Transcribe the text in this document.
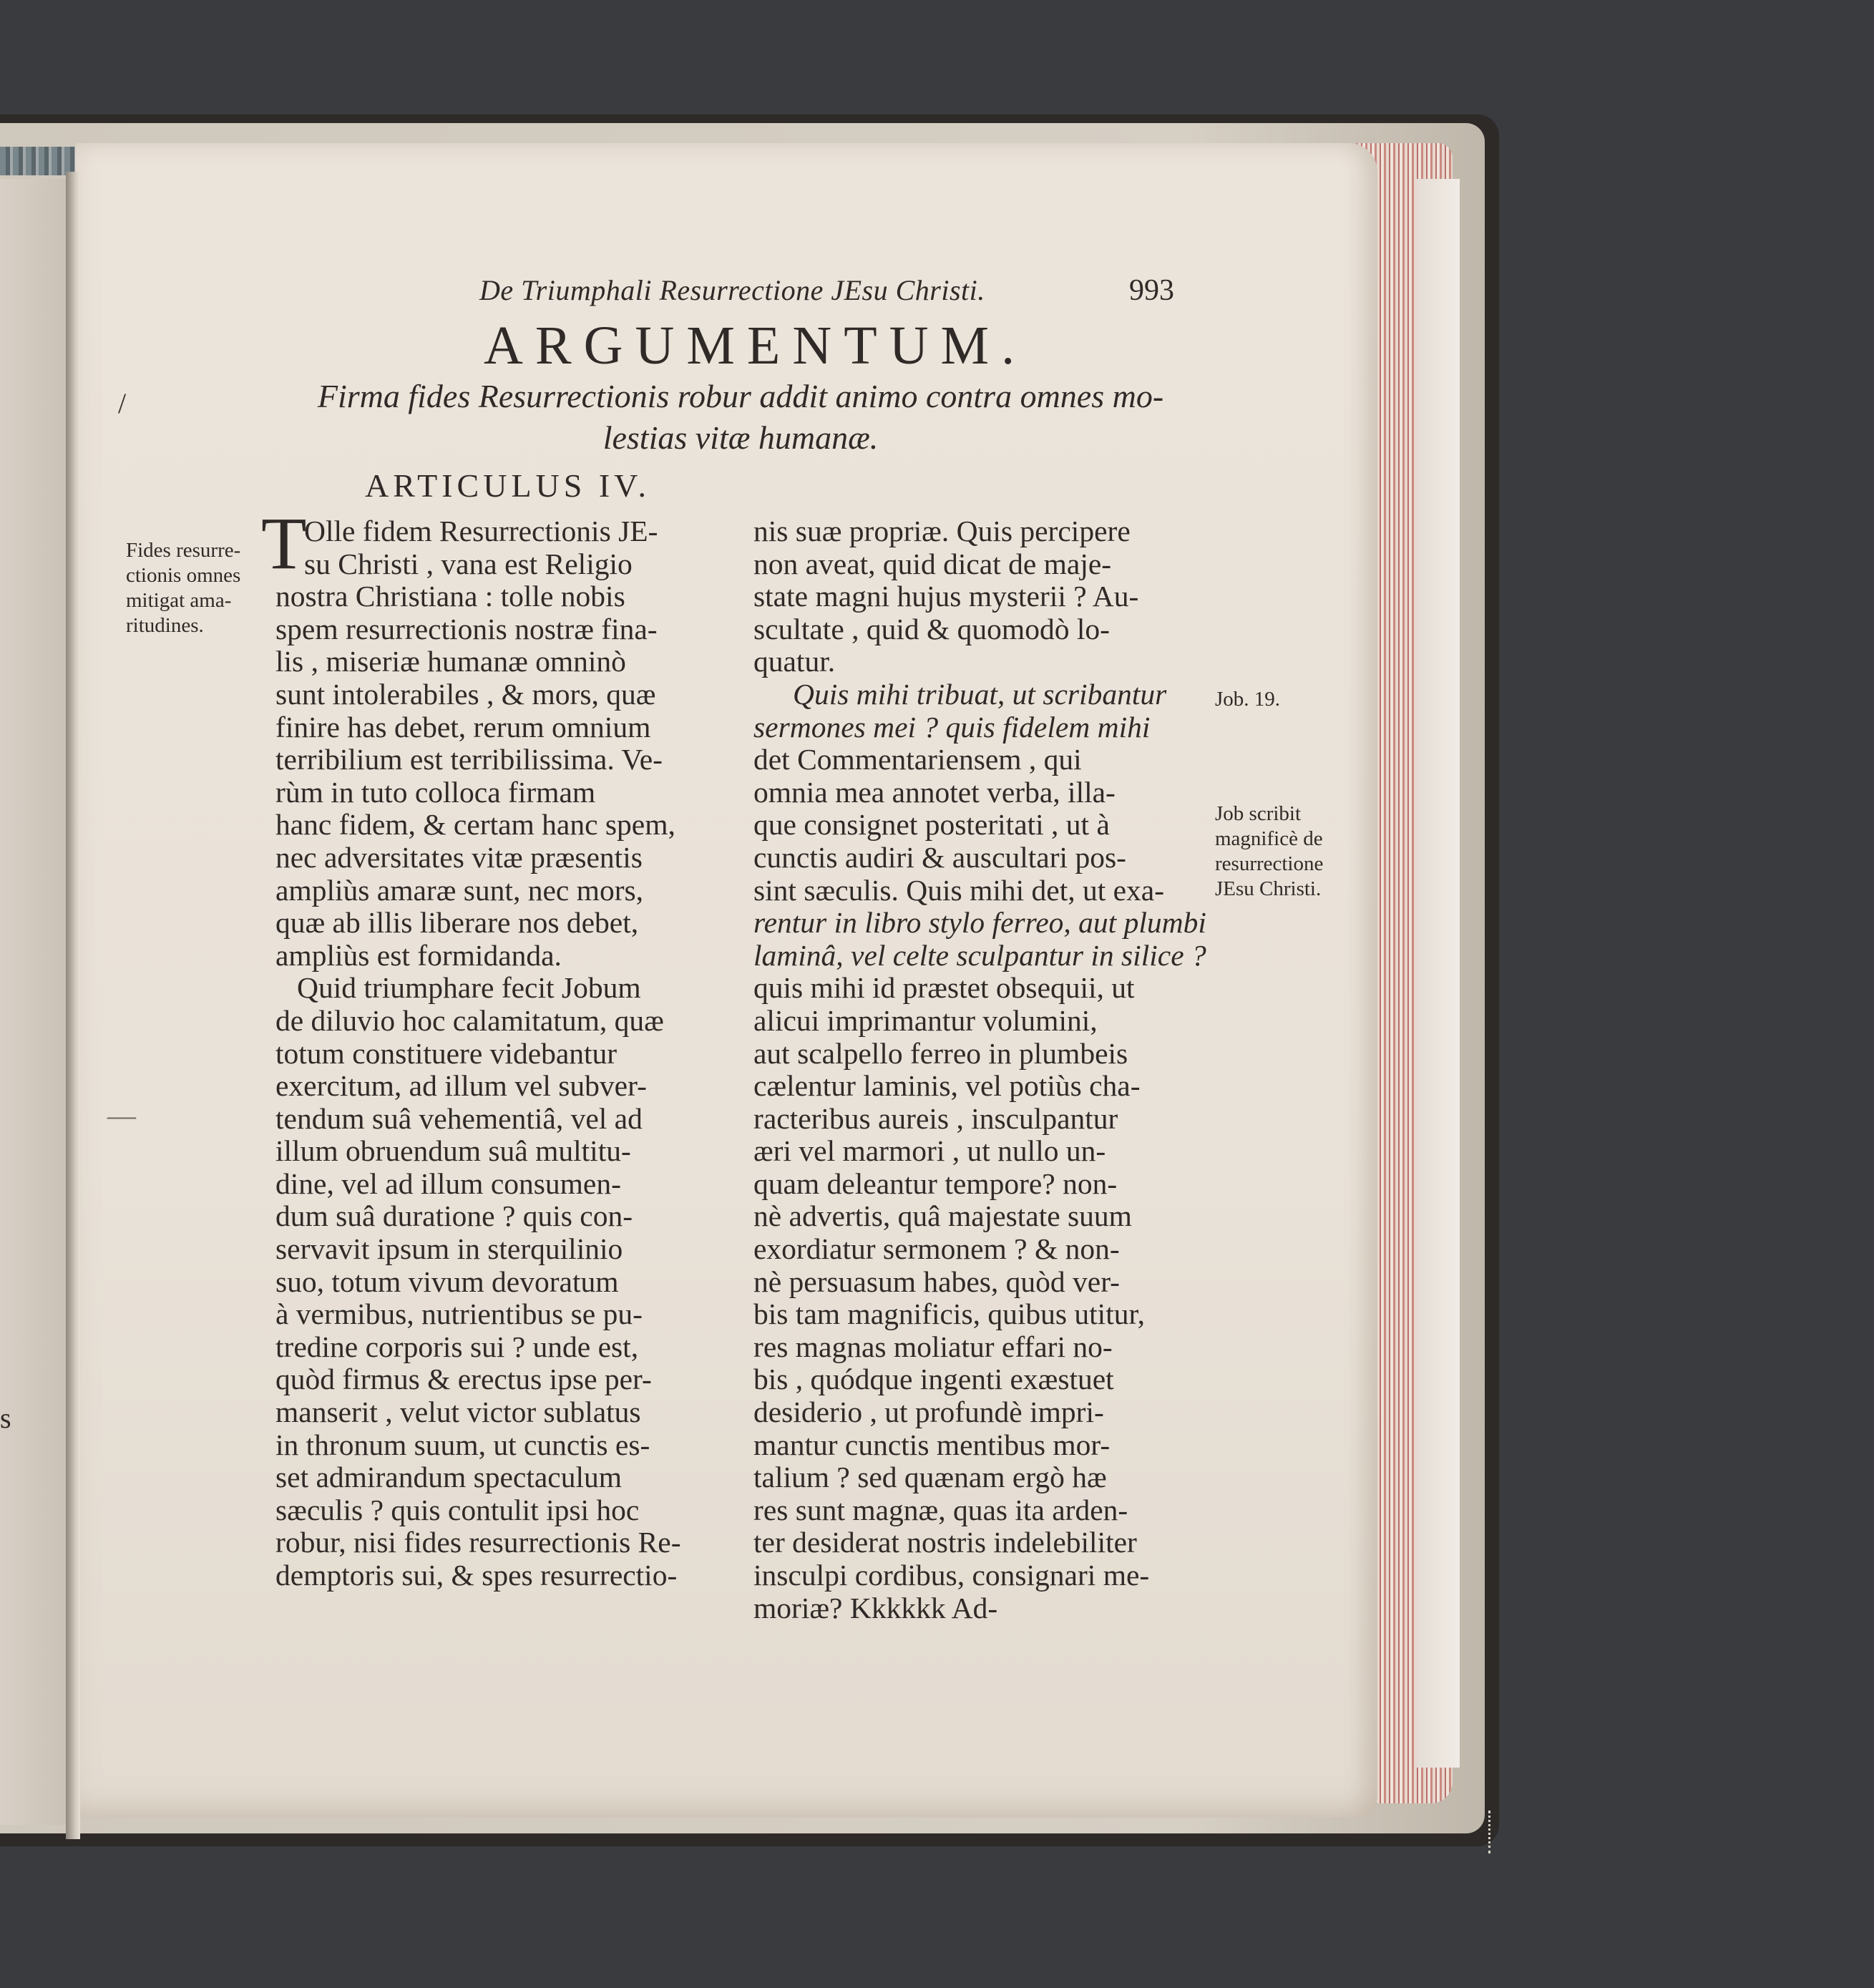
De Triumphali Resurrectione JEsu Christi.	993
ARGUMENTUM.
Firma fides Resurrectionis robur addit animo contra omnes mo-
lestias vitæ humanæ.
ARTICULUS IV.
/
s
—
Fides resurre-
ctionis omnes
mitigat ama-
ritudines.
T
Olle fidem Resurrectionis JE-
su Christi , vana est Religio
nostra Christiana : tolle nobis
spem resurrectionis nostræ fina-
lis , miseriæ humanæ omninò
sunt intolerabiles , & mors, quæ
finire has debet, rerum omnium
terribilium est terribilissima. Ve-
rùm in tuto colloca firmam
hanc fidem, & certam hanc spem,
nec adversitates vitæ præsentis
ampliùs amaræ sunt, nec mors,
quæ ab illis liberare nos debet,
ampliùs est formidanda.
Quid triumphare fecit Jobum
de diluvio hoc calamitatum, quæ
totum constituere videbantur
exercitum, ad illum vel subver-
tendum suâ vehementiâ, vel ad
illum obruendum suâ multitu-
dine, vel ad illum consumen-
dum suâ duratione ? quis con-
servavit ipsum in sterquilinio
suo, totum vivum devoratum
à vermibus, nutrientibus se pu-
tredine corporis sui ? unde est,
quòd firmus & erectus ipse per-
manserit , velut victor sublatus
in thronum suum, ut cunctis es-
set admirandum spectaculum
sæculis ? quis contulit ipsi hoc
robur, nisi fides resurrectionis Re-
demptoris sui, & spes resurrectio-
nis suæ propriæ. Quis percipere
non aveat, quid dicat de maje-
state magni hujus mysterii ? Au-
scultate , quid & quomodò lo-
quatur.
Quis mihi tribuat, ut scribantur
sermones mei ? quis fidelem mihi
det Commentariensem , qui
omnia mea annotet verba, illa-
que consignet posteritati , ut à
cunctis audiri & auscultari pos-
sint sæculis. Quis mihi det, ut exa-
rentur in libro stylo ferreo, aut plumbi
laminâ, vel celte sculpantur in silice ?
quis mihi id præstet obsequii, ut
alicui imprimantur volumini,
aut scalpello ferreo in plumbeis
cælentur laminis, vel potiùs cha-
racteribus aureis , insculpantur
æri vel marmori , ut nullo un-
quam deleantur tempore? non-
nè advertis, quâ majestate suum
exordiatur sermonem ? & non-
nè persuasum habes, quòd ver-
bis tam magnificis, quibus utitur,
res magnas moliatur effari no-
bis , quódque ingenti exæstuet
desiderio , ut profundè impri-
mantur cunctis mentibus mor-
talium ? sed quænam ergò hæ
res sunt magnæ, quas ita arden-
ter desiderat nostris indelebiliter
insculpi cordibus, consignari me-
moriæ? Kkkkkk Ad-
Job. 19.
Job scribit
magnificè de
resurrectione
JEsu Christi.
